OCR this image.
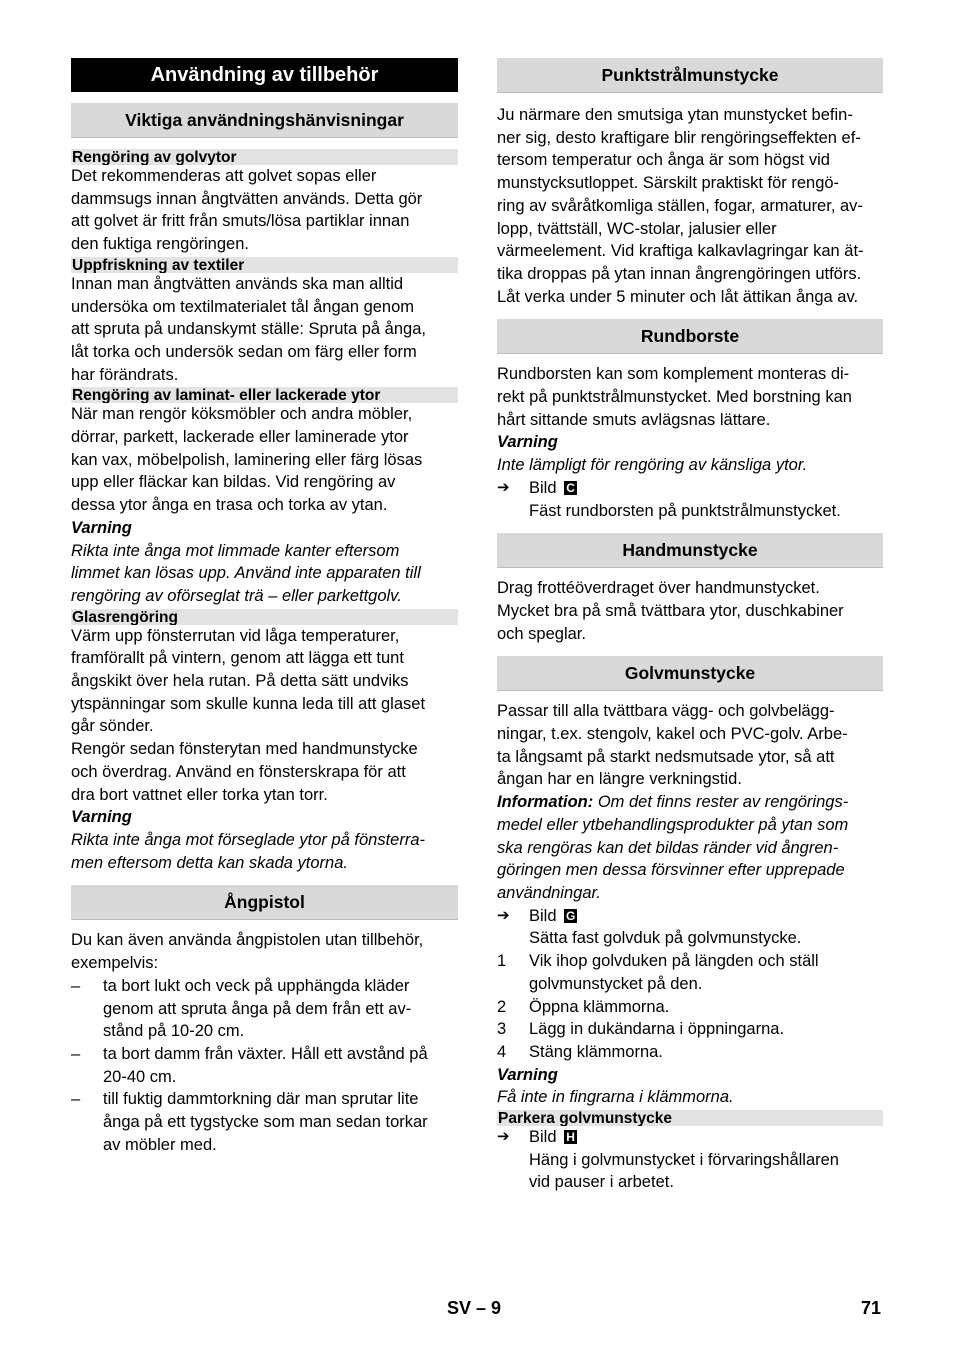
Användning av tillbehör
Viktiga användningshänvisningar
Rengöring av golvytor
Det rekommenderas att golvet sopas eller
dammsugs innan ångtvätten används. Detta gör
att golvet är fritt från smuts/lösa partiklar innan
den fuktiga rengöringen.
Uppfriskning av textiler
Innan man ångtvätten används ska man alltid
undersöka om textilmaterialet tål ångan genom
att spruta på undanskymt ställe: Spruta på ånga,
låt torka och undersök sedan om färg eller form
har förändrats.
Rengöring av laminat- eller lackerade ytor
När man rengör köksmöbler och andra möbler,
dörrar, parkett, lackerade eller laminerade ytor
kan vax, möbelpolish, laminering eller färg lösas
upp eller fläckar kan bildas. Vid rengöring av
dessa ytor ånga en trasa och torka av ytan.
Varning
Rikta inte ånga mot limmade kanter eftersom
limmet kan lösas upp. Använd inte apparaten till
rengöring av oförseglat trä – eller parkettgolv.
Glasrengöring
Värm upp fönsterrutan vid låga temperaturer,
framförallt på vintern, genom att lägga ett tunt
ångskikt över hela rutan. På detta sätt undviks
ytspänningar som skulle kunna leda till att glaset
går sönder.
Rengör sedan fönsterytan med handmunstycke
och överdrag. Använd en fönsterskrapa för att
dra bort vattnet eller torka ytan torr.
Varning
Rikta inte ånga mot förseglade ytor på fönsterra-
men eftersom detta kan skada ytorna.
Ångpistol
Du kan även använda ångpistolen utan tillbehör,
exempelvis:
–	ta bort lukt och veck på upphängda kläder
genom att spruta ånga på dem från ett av-
stånd på 10-20 cm.
–	ta bort damm från växter. Håll ett avstånd på
20-40 cm.
–	till fuktig dammtorkning där man sprutar lite
ånga på ett tygstycke som man sedan torkar
av möbler med.
Punktstrålmunstycke
Ju närmare den smutsiga ytan munstycket befin-
ner sig, desto kraftigare blir rengöringseffekten ef-
tersom temperatur och ånga är som högst vid
munstycksutloppet. Särskilt praktiskt för rengö-
ring av svåråtkomliga ställen, fogar, armaturer, av-
lopp, tvättställ, WC-stolar, jalusier eller
värmeelement. Vid kraftiga kalkavlagringar kan ät-
tika droppas på ytan innan ångrengöringen utförs.
Låt verka under 5 minuter och låt ättikan ånga av.
Rundborste
Rundborsten kan som komplement monteras di-
rekt på punktstrålmunstycket. Med borstning kan
hårt sittande smuts avlägsnas lättare.
Varning
Inte lämpligt för rengöring av känsliga ytor.
➔	Bild C
Fäst rundborsten på punktstrålmunstycket.
Handmunstycke
Drag frottéöverdraget över handmunstycket.
Mycket bra på små tvättbara ytor, duschkabiner
och speglar.
Golvmunstycke
Passar till alla tvättbara vägg- och golvbelägg-
ningar, t.ex. stengolv, kakel och PVC-golv. Arbe-
ta långsamt på starkt nedsmutsade ytor, så att
ångan har en längre verkningstid.
Information: Om det finns rester av rengörings-
medel eller ytbehandlingsprodukter på ytan som
ska rengöras kan det bildas ränder vid ångren-
göringen men dessa försvinner efter upprepade
användningar.
➔	Bild G
Sätta fast golvduk på golvmunstycke.
1	Vik ihop golvduken på längden och ställ
golvmunstycket på den.
2	Öppna klämmorna.
3	Lägg in dukändarna i öppningarna.
4	Stäng klämmorna.
Varning
Få inte in fingrarna i klämmorna.
Parkera golvmunstycke
➔	Bild H
Häng i golvmunstycket i förvaringshållaren
vid pauser i arbetet.
SV – 9	71
